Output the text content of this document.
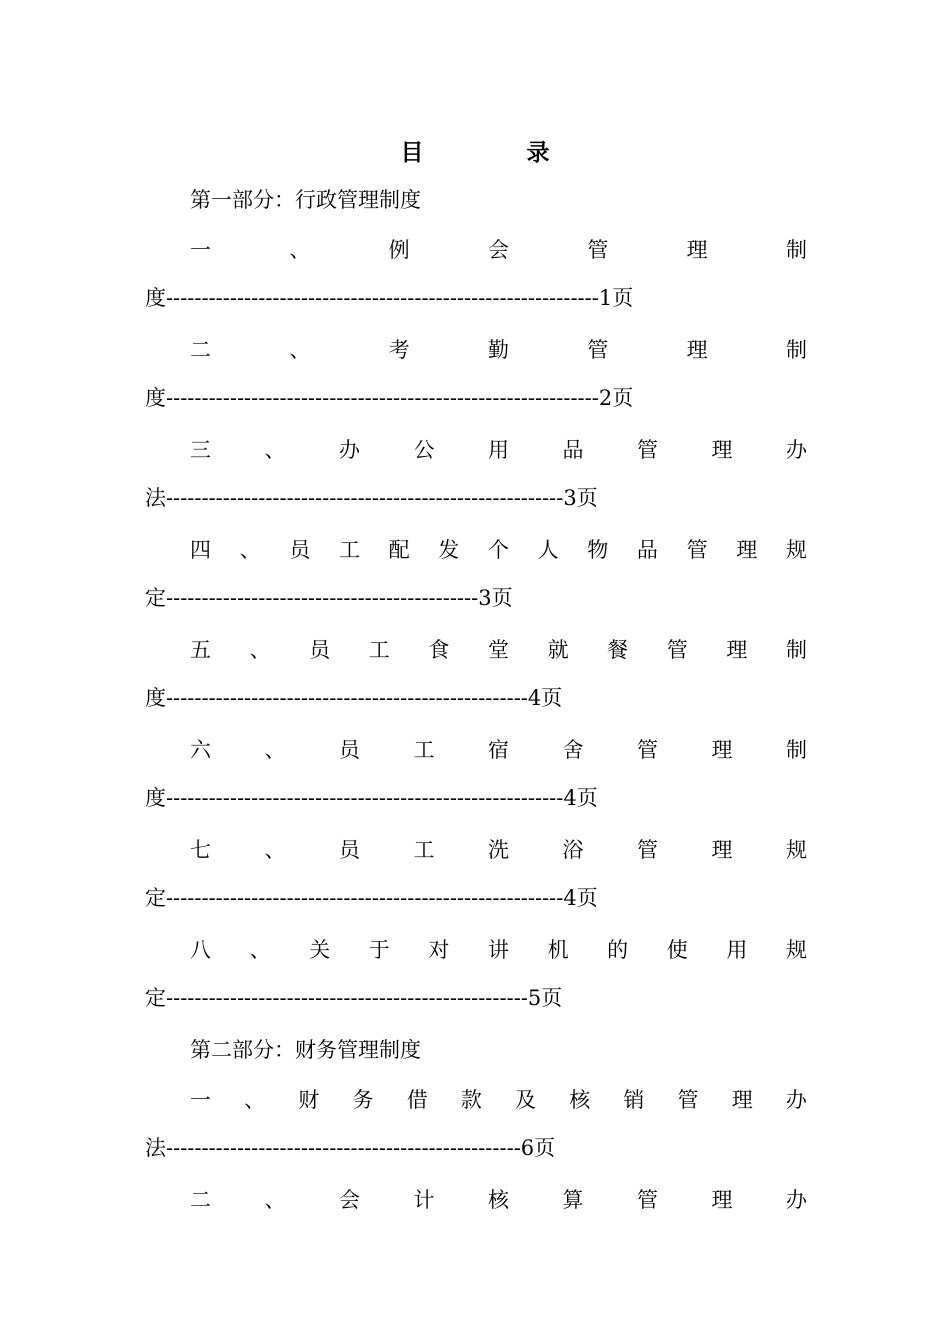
目　录
第一部分：行政管理制度
一	、	例	会	管	理	制
度-------------------------------------------------------------1页
二	、	考	勤	管	理	制
度-------------------------------------------------------------2页
三	、	办	公	用	品	管	理	办
法--------------------------------------------------------3页
四 、 员 工 配 发 个 人 物 品 管 理 规
定--------------------------------------------3页
五 、 员 工 食 堂 就 餐 管 理 制
度---------------------------------------------------4页
六	、	员	工	宿	舍	管	理	制
度--------------------------------------------------------4页
七	、	员	工	洗	浴	管	理	规
定--------------------------------------------------------4页
八 、 关 于 对 讲 机 的 使 用 规
定---------------------------------------------------5页
第二部分：财务管理制度
一 、 财 务 借 款 及 核 销 管 理 办
法--------------------------------------------------6页
二	、	会	计	核	算	管	理	办
